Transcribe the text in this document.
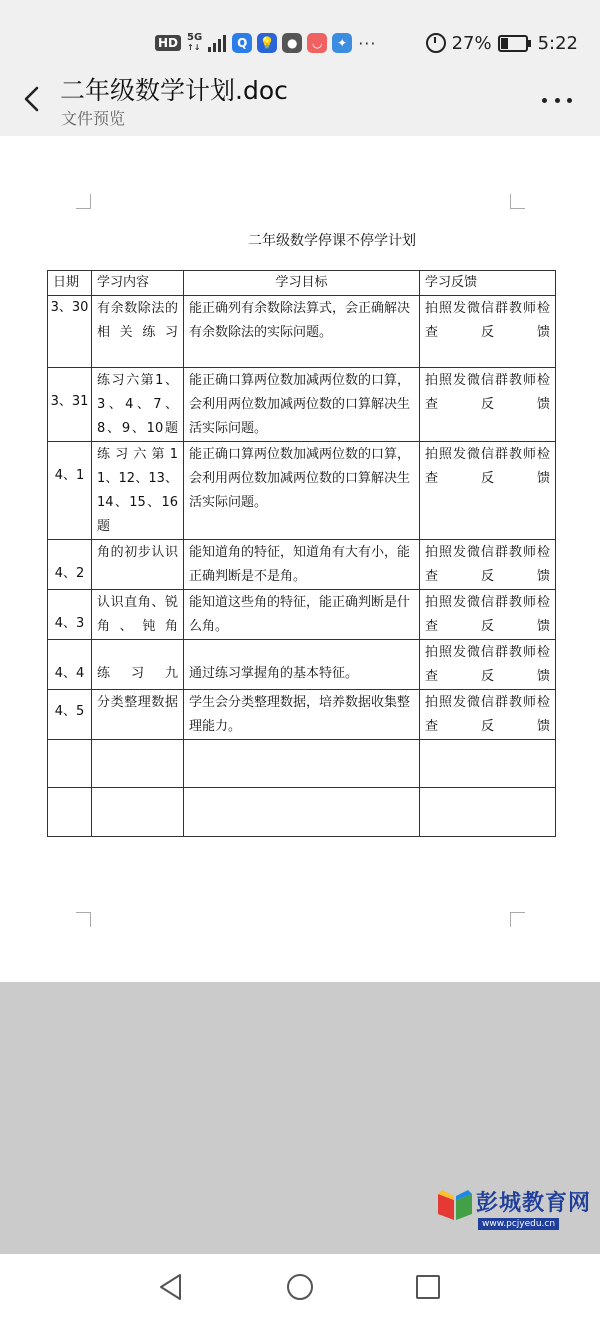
HD 5G
↑↓	Q	💡	●	◡	✦ ···	27%	5:22
二年级数学计划.doc
文件预览
二年级数学停课不停学计划
日期	学习内容	学习目标	学习反馈
3、30	有余数除法的相关练习	能正确列有余数除法算式，会正确解决有余数除法的实际问题。	拍照发微信群教师检查反馈
3、31	练习六第1、3、4、7、8、9、10题	能正确口算两位数加减两位数的口算，会利用两位数加减两位数的口算解决生活实际问题。	拍照发微信群教师检查反馈
4、1	练习六第11、12、13、14、15、16题	能正确口算两位数加减两位数的口算，会利用两位数加减两位数的口算解决生活实际问题。	拍照发微信群教师检查反馈
4、2	角的初步认识	能知道角的特征，知道角有大有小，能正确判断是不是角。	拍照发微信群教师检查反馈
4、3	认识直角、锐角、钝角	能知道这些角的特征，能正确判断是什么角。	拍照发微信群教师检查反馈
4、4	练习九	通过练习掌握角的基本特征。	拍照发微信群教师检查反馈
4、5	分类整理数据	学生会分类整理数据，培养数据收集整理能力。	拍照发微信群教师检查反馈

彭城教育网
www.pcjyedu.cn
